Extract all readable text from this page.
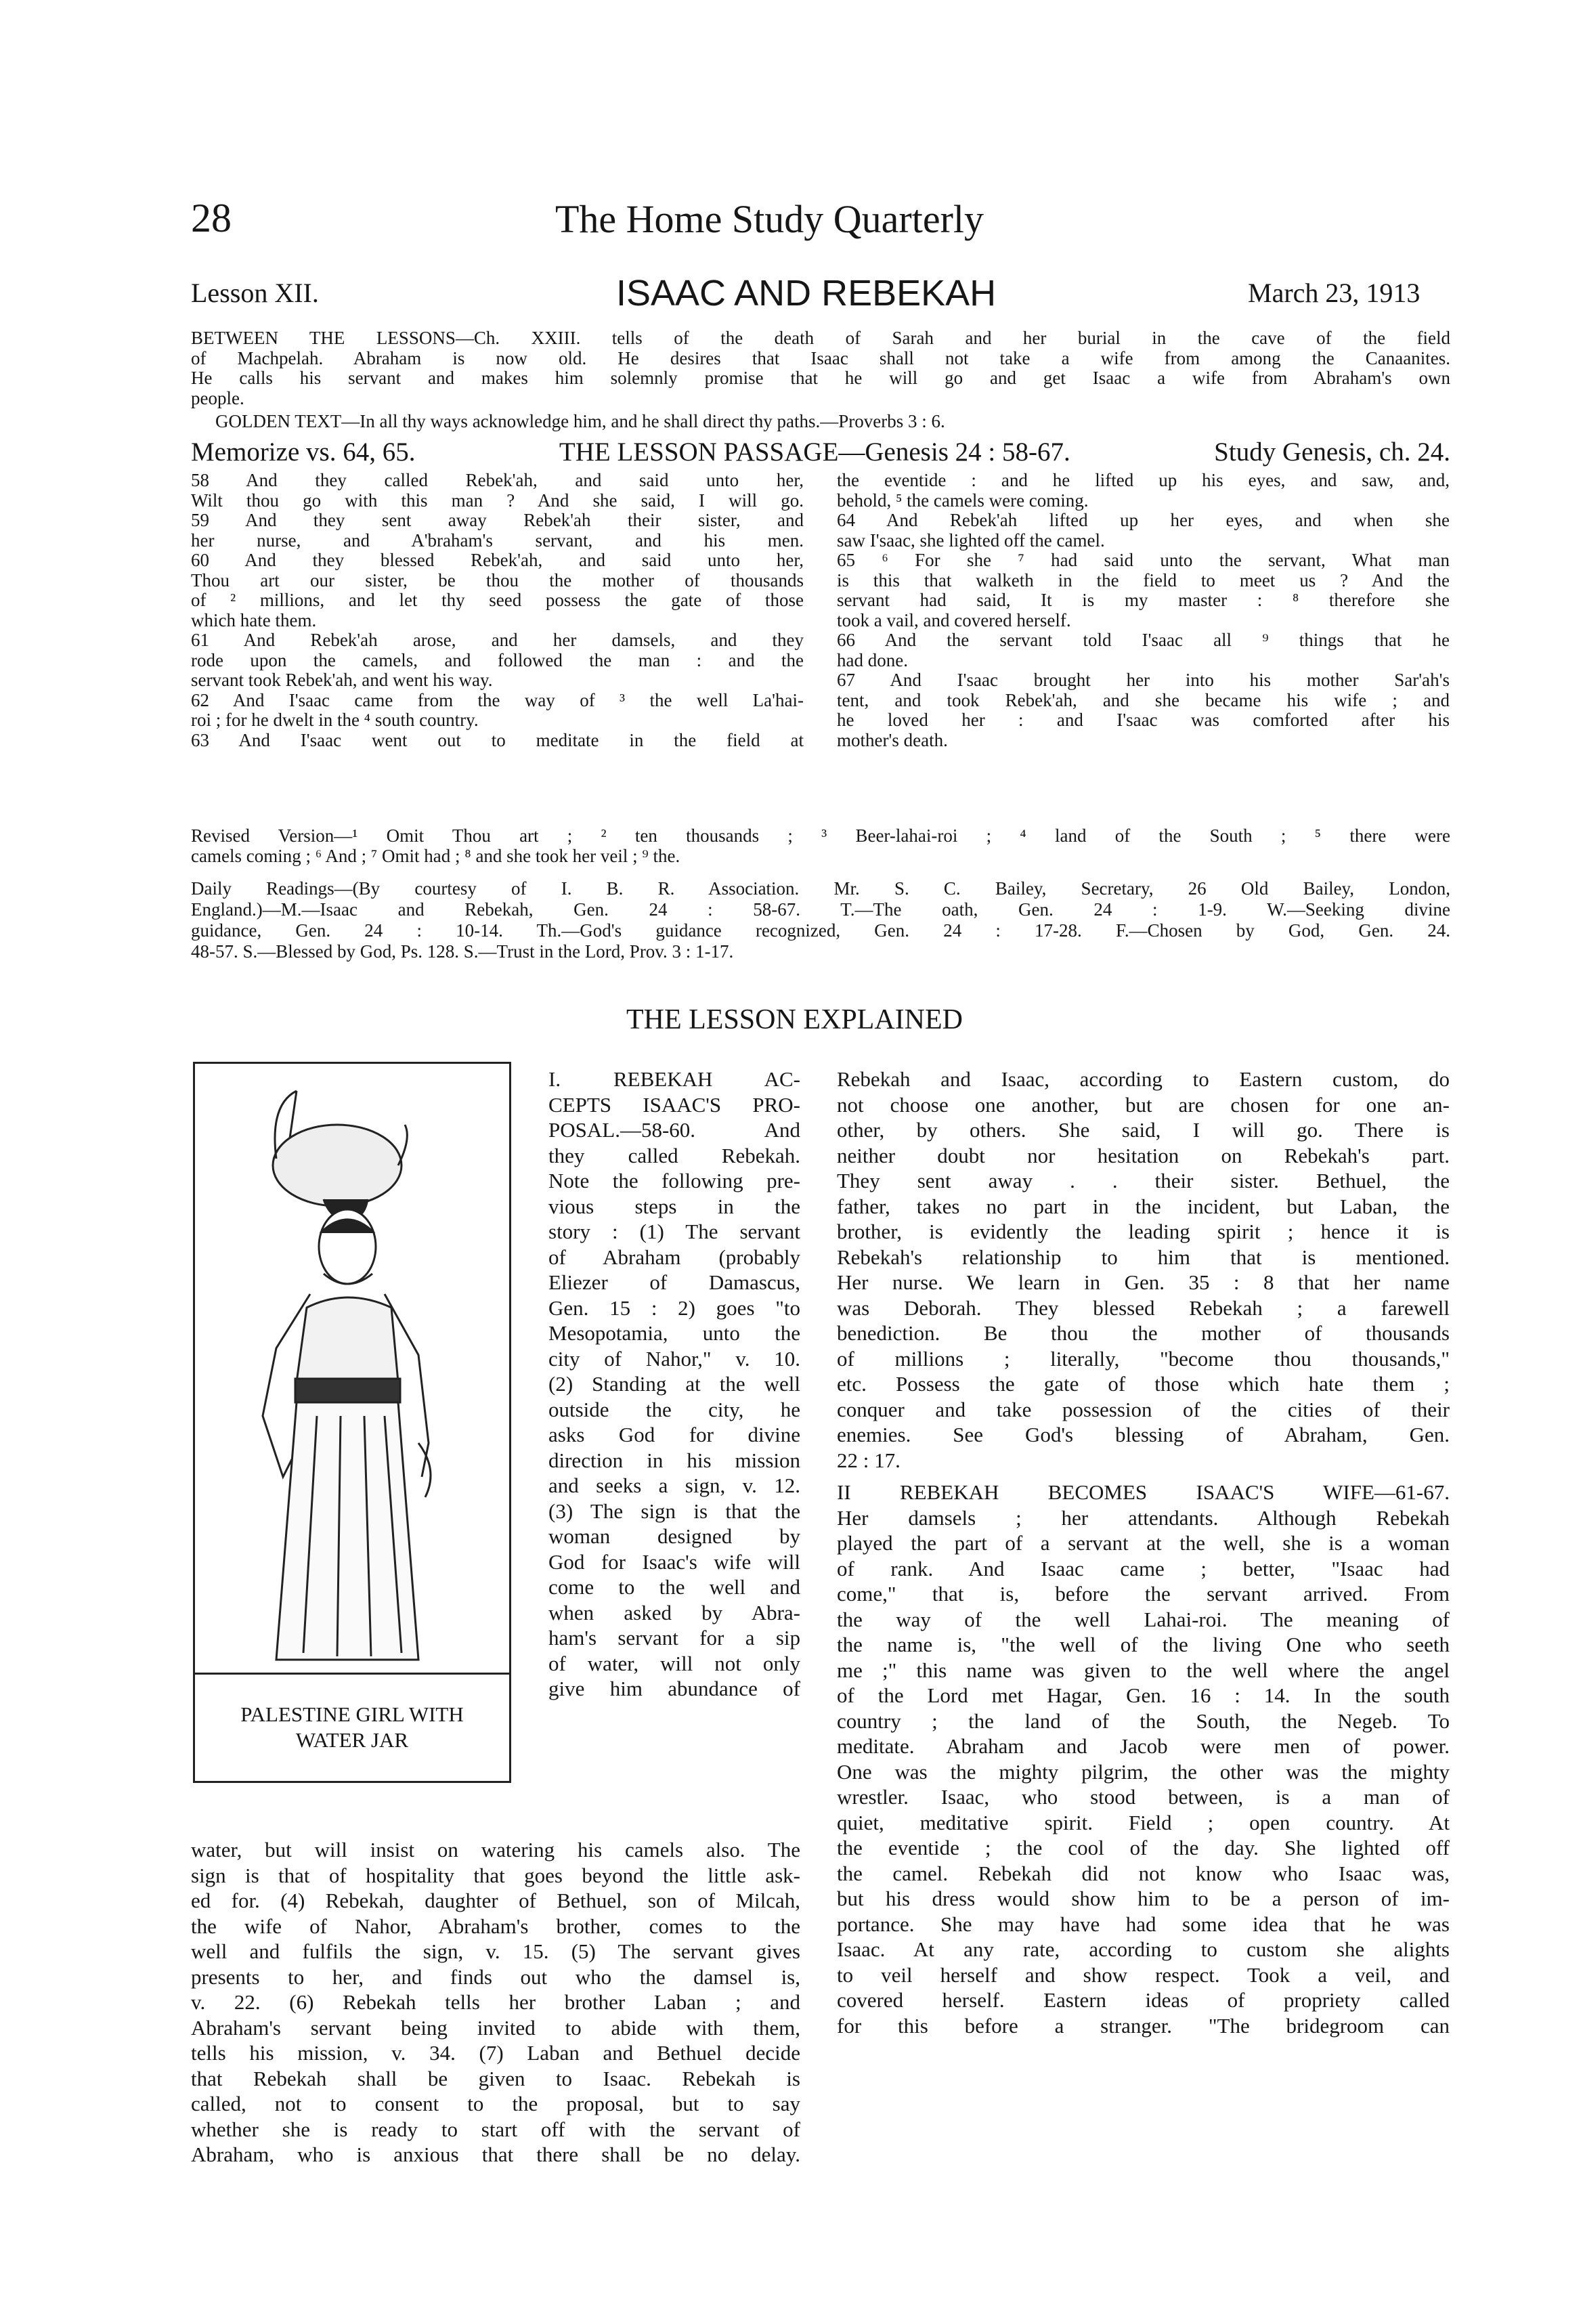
28	The Home Study Quarterly
Lesson XII.	ISAAC AND REBEKAH	March 23, 1913
BETWEEN THE LESSONS—Ch. XXIII. tells of the death of Sarah and her burial in the cave of the field
of Machpelah. Abraham is now old. He desires that Isaac shall not take a wife from among the Canaanites.
He calls his servant and makes him solemnly promise that he will go and get Isaac a wife from Abraham's own
people.
GOLDEN TEXT—In all thy ways acknowledge him, and he shall direct thy paths.—Proverbs 3 : 6.
Memorize vs. 64, 65.	THE LESSON PASSAGE—Genesis 24 : 58-67.	Study Genesis, ch. 24.
58 And they called Rebek'ah, and said unto her,
Wilt thou go with this man ? And she said, I will go.
59 And they sent away Rebek'ah their sister, and
her nurse, and A'braham's servant, and his men.
60 And they blessed Rebek'ah, and said unto her,
Thou art our sister, be thou the mother of thousands
of ² millions, and let thy seed possess the gate of those
which hate them.
61 And Rebek'ah arose, and her damsels, and they
rode upon the camels, and followed the man : and the
servant took Rebek'ah, and went his way.
62 And I'saac came from the way of ³ the well La'hai-
roi ; for he dwelt in the ⁴ south country.
63 And I'saac went out to meditate in the field at
the eventide : and he lifted up his eyes, and saw, and,
behold, ⁵ the camels were coming.
64 And Rebek'ah lifted up her eyes, and when she
saw I'saac, she lighted off the camel.
65 ⁶ For she ⁷ had said unto the servant, What man
is this that walketh in the field to meet us ? And the
servant had said, It is my master : ⁸ therefore she
took a vail, and covered herself.
66 And the servant told I'saac all ⁹ things that he
had done.
67 And I'saac brought her into his mother Sar'ah's
tent, and took Rebek'ah, and she became his wife ; and
he loved her : and I'saac was comforted after his
mother's death.
Revised Version—¹ Omit Thou art ; ² ten thousands ; ³ Beer-lahai-roi ; ⁴ land of the South ; ⁵ there were
camels coming ; ⁶ And ; ⁷ Omit had ; ⁸ and she took her veil ; ⁹ the.
Daily Readings—(By courtesy of I. B. R. Association. Mr. S. C. Bailey, Secretary, 26 Old Bailey, London,
England.)—M.—Isaac and Rebekah, Gen. 24 : 58-67. T.—The oath, Gen. 24 : 1-9. W.—Seeking divine
guidance, Gen. 24 : 10-14. Th.—God's guidance recognized, Gen. 24 : 17-28. F.—Chosen by God, Gen. 24.
48-57. S.—Blessed by God, Ps. 128. S.—Trust in the Lord, Prov. 3 : 1-17.
THE LESSON EXPLAINED
PALESTINE GIRL WITH
WATER JAR
I. REBEKAH AC-
CEPTS ISAAC'S PRO-
POSAL.—58-60. And
they called Rebekah.
Note the following pre-
vious steps in the
story : (1) The servant
of Abraham (probably
Eliezer of Damascus,
Gen. 15 : 2) goes "to
Mesopotamia, unto the
city of Nahor," v. 10.
(2) Standing at the well
outside the city, he
asks God for divine
direction in his mission
and seeks a sign, v. 12.
(3) The sign is that the
woman designed by
God for Isaac's wife will
come to the well and
when asked by Abra-
ham's servant for a sip
of water, will not only
give him abundance of
water, but will insist on watering his camels also. The
sign is that of hospitality that goes beyond the little ask-
ed for. (4) Rebekah, daughter of Bethuel, son of Milcah,
the wife of Nahor, Abraham's brother, comes to the
well and fulfils the sign, v. 15. (5) The servant gives
presents to her, and finds out who the damsel is,
v. 22. (6) Rebekah tells her brother Laban ; and
Abraham's servant being invited to abide with them,
tells his mission, v. 34. (7) Laban and Bethuel decide
that Rebekah shall be given to Isaac. Rebekah is
called, not to consent to the proposal, but to say
whether she is ready to start off with the servant of
Abraham, who is anxious that there shall be no delay.
Rebekah and Isaac, according to Eastern custom, do
not choose one another, but are chosen for one an-
other, by others. She said, I will go. There is
neither doubt nor hesitation on Rebekah's part.
They sent away . . their sister. Bethuel, the
father, takes no part in the incident, but Laban, the
brother, is evidently the leading spirit ; hence it is
Rebekah's relationship to him that is mentioned.
Her nurse. We learn in Gen. 35 : 8 that her name
was Deborah. They blessed Rebekah ; a farewell
benediction. Be thou the mother of thousands
of millions ; literally, "become thou thousands,"
etc. Possess the gate of those which hate them ;
conquer and take possession of the cities of their
enemies. See God's blessing of Abraham, Gen.
22 : 17.
II REBEKAH BECOMES ISAAC'S WIFE—61-67.
Her damsels ; her attendants. Although Rebekah
played the part of a servant at the well, she is a woman
of rank. And Isaac came ; better, "Isaac had
come," that is, before the servant arrived. From
the way of the well Lahai-roi. The meaning of
the name is, "the well of the living One who seeth
me ;" this name was given to the well where the angel
of the Lord met Hagar, Gen. 16 : 14. In the south
country ; the land of the South, the Negeb. To
meditate. Abraham and Jacob were men of power.
One was the mighty pilgrim, the other was the mighty
wrestler. Isaac, who stood between, is a man of
quiet, meditative spirit. Field ; open country. At
the eventide ; the cool of the day. She lighted off
the camel. Rebekah did not know who Isaac was,
but his dress would show him to be a person of im-
portance. She may have had some idea that he was
Isaac. At any rate, according to custom she alights
to veil herself and show respect. Took a veil, and
covered herself. Eastern ideas of propriety called
for this before a stranger. "The bridegroom can
